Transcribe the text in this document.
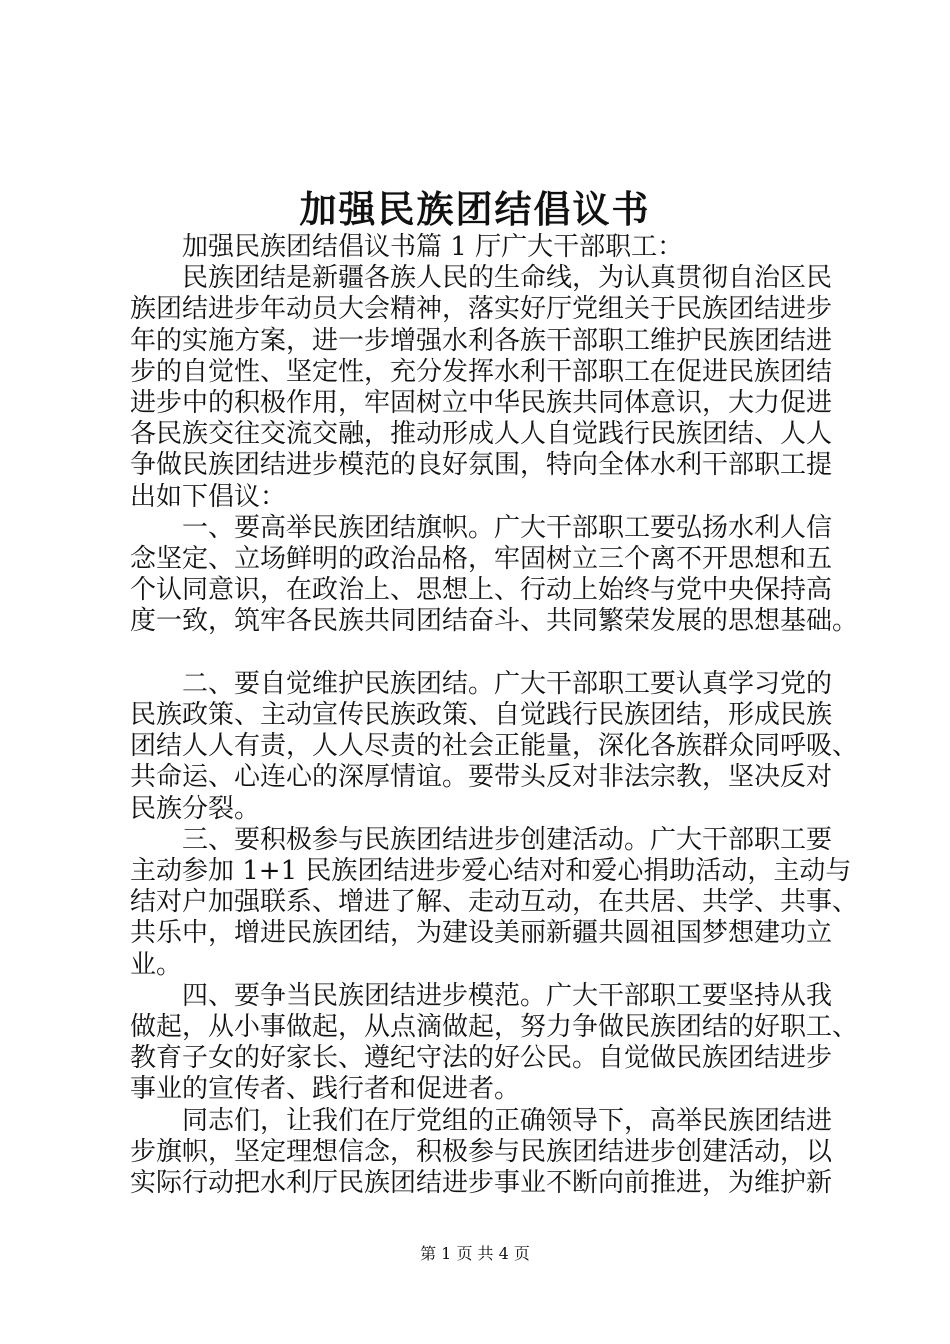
加强民族团结倡议书
加强民族团结倡议书篇 1 厅广大干部职工：
民族团结是新疆各族人民的生命线，为认真贯彻自治区民
族团结进步年动员大会精神，落实好厅党组关于民族团结进步
年的实施方案，进一步增强水利各族干部职工维护民族团结进
步的自觉性、坚定性，充分发挥水利干部职工在促进民族团结
进步中的积极作用，牢固树立中华民族共同体意识，大力促进
各民族交往交流交融，推动形成人人自觉践行民族团结、人人
争做民族团结进步模范的良好氛围，特向全体水利干部职工提
出如下倡议：
一、要高举民族团结旗帜。广大干部职工要弘扬水利人信
念坚定、立场鲜明的政治品格，牢固树立三个离不开思想和五
个认同意识，在政治上、思想上、行动上始终与党中央保持高
度一致，筑牢各民族共同团结奋斗、共同繁荣发展的思想基础。
二、要自觉维护民族团结。广大干部职工要认真学习党的
民族政策、主动宣传民族政策、自觉践行民族团结，形成民族
团结人人有责，人人尽责的社会正能量，深化各族群众同呼吸、
共命运、心连心的深厚情谊。要带头反对非法宗教，坚决反对
民族分裂。
三、要积极参与民族团结进步创建活动。广大干部职工要
主动参加 1+1 民族团结进步爱心结对和爱心捐助活动，主动与
结对户加强联系、增进了解、走动互动，在共居、共学、共事、
共乐中，增进民族团结，为建设美丽新疆共圆祖国梦想建功立
业。
四、要争当民族团结进步模范。广大干部职工要坚持从我
做起，从小事做起，从点滴做起，努力争做民族团结的好职工、
教育子女的好家长、遵纪守法的好公民。自觉做民族团结进步
事业的宣传者、践行者和促进者。
同志们，让我们在厅党组的正确领导下，高举民族团结进
步旗帜，坚定理想信念，积极参与民族团结进步创建活动，以
实际行动把水利厅民族团结进步事业不断向前推进，为维护新
第 1 页 共 4 页
